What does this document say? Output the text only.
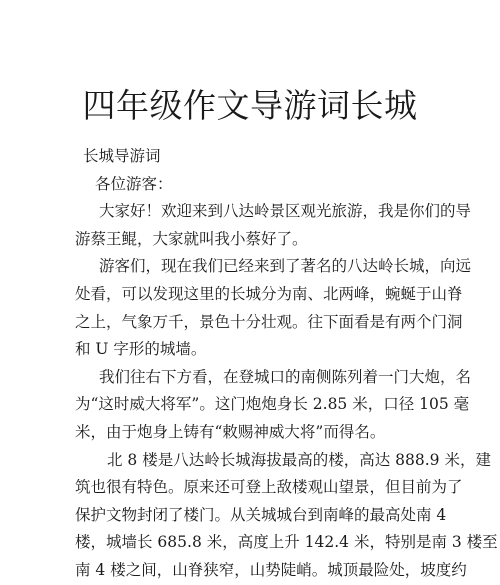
四年级作文导游词长城
长城导游词
各位游客：
大家好！欢迎来到八达岭景区观光旅游，我是你们的导
游蔡王鲲，大家就叫我小蔡好了。
游客们，现在我们已经来到了著名的八达岭长城，向远
处看，可以发现这里的长城分为南、北两峰，蜿蜒于山脊
之上，气象万千，景色十分壮观。往下面看是有两个门洞
和 U 字形的城墙。
我们往右下方看，在登城口的南侧陈列着一门大炮，名
为“这时威大将军”。这门炮炮身长 2.85 米，口径 105 毫
米，由于炮身上铸有“敕赐神威大将”而得名。
北 8 楼是八达岭长城海拔最高的楼，高达 888.9 米，建
筑也很有特色。原来还可登上敌楼观山望景，但目前为了
保护文物封闭了楼门。从关城城台到南峰的最高处南 4
楼，城墙长 685.8 米，高度上升 142.4 米，特别是南 3 楼至
南 4 楼之间，山脊狭窄，山势陡峭。城顶最险处，坡度约
